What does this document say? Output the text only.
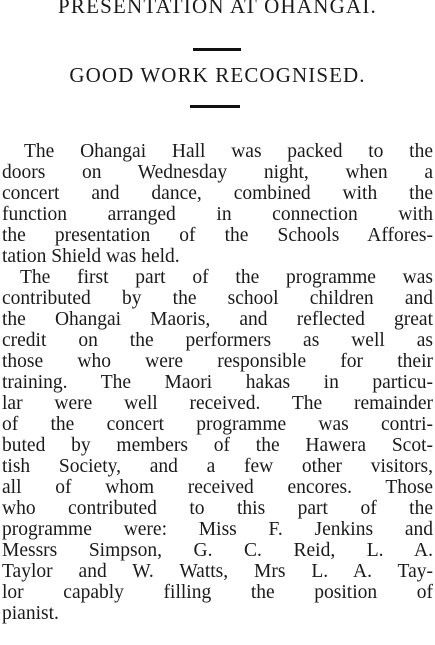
PRESENTATION AT OHANGAI.
GOOD WORK RECOGNISED.
The Ohangai Hall was packed to the
doors on Wednesday night, when a
concert and dance, combined with the
function arranged in connection with
the presentation of the Schools Affores-
tation Shield was held.
The first part of the programme was
contributed by the school children and
the Ohangai Maoris, and reflected great
credit on the performers as well as
those who were responsible for their
training. The Maori hakas in particu-
lar were well received. The remainder
of the concert programme was contri-
buted by members of the Hawera Scot-
tish Society, and a few other visitors,
all of whom received encores. Those
who contributed to this part of the
programme were: Miss F. Jenkins and
Messrs Simpson, G. C. Reid, L. A.
Taylor and W. Watts, Mrs L. A. Tay-
lor capably filling the position of
pianist.
